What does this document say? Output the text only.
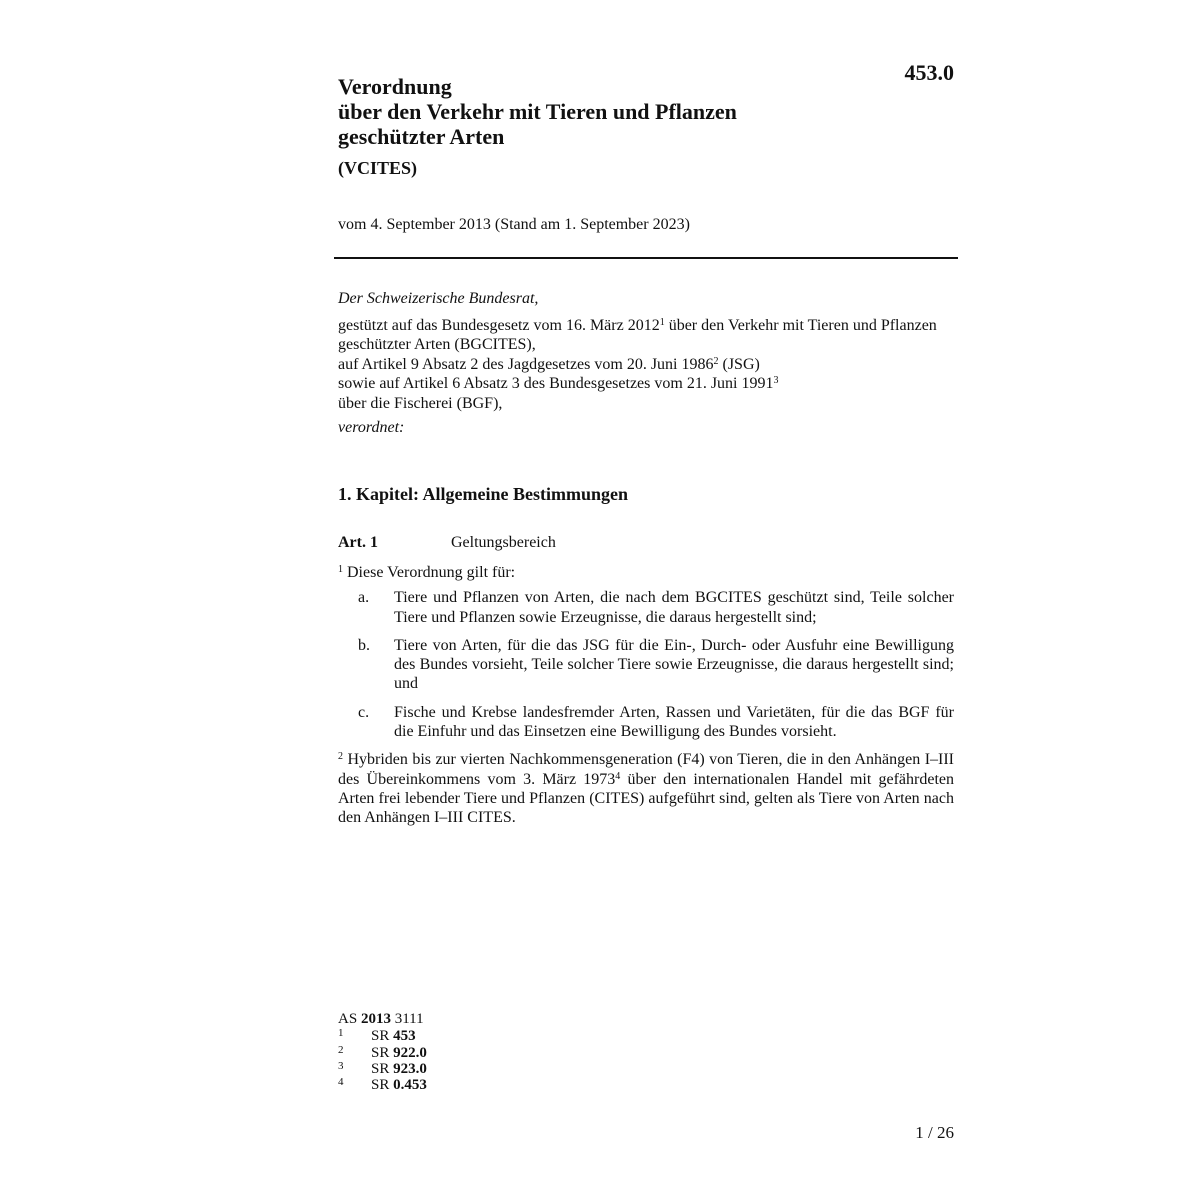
453.0
Verordnung
über den Verkehr mit Tieren und Pflanzen
geschützter Arten
(VCITES)
vom 4. September 2013 (Stand am 1. September 2023)
Der Schweizerische Bundesrat,
gestützt auf das Bundesgesetz vom 16. März 2012$^1$ über den Verkehr mit Tieren und Pflanzen geschützter Arten (BGCITES),
auf Artikel 9 Absatz 2 des Jagdgesetzes vom 20. Juni 1986$^2$ (JSG)
sowie auf Artikel 6 Absatz 3 des Bundesgesetzes vom 21. Juni 1991$^3$
über die Fischerei (BGF),
verordnet:
1. Kapitel: Allgemeine Bestimmungen
Art. 1	Geltungsbereich

$^1$ Diese Verordnung gilt für:

a.	Tiere und Pflanzen von Arten, die nach dem BGCITES geschützt sind, Teile solcher Tiere und Pflanzen sowie Erzeugnisse, die daraus hergestellt sind;
b.	Tiere von Arten, für die das JSG für die Ein-, Durch- oder Ausfuhr eine Bewilligung des Bundes vorsieht, Teile solcher Tiere sowie Erzeugnisse, die daraus hergestellt sind; und
c.	Fische und Krebse landesfremder Arten, Rassen und Varietäten, für die das BGF für die Einfuhr und das Einsetzen eine Bewilligung des Bundes vorsieht.

$^2$ Hybriden bis zur vierten Nachkommensgeneration (F4) von Tieren, die in den Anhängen I–III des Übereinkommens vom 3. März 1973$^4$ über den internationalen Handel mit gefährdeten Arten frei lebender Tiere und Pflanzen (CITES) aufgeführt sind, gelten als Tiere von Arten nach den Anhängen I–III CITES.

AS 2013 3111
1	SR 453
2	SR 922.0
3	SR 923.0
4	SR 0.453
1 / 26
